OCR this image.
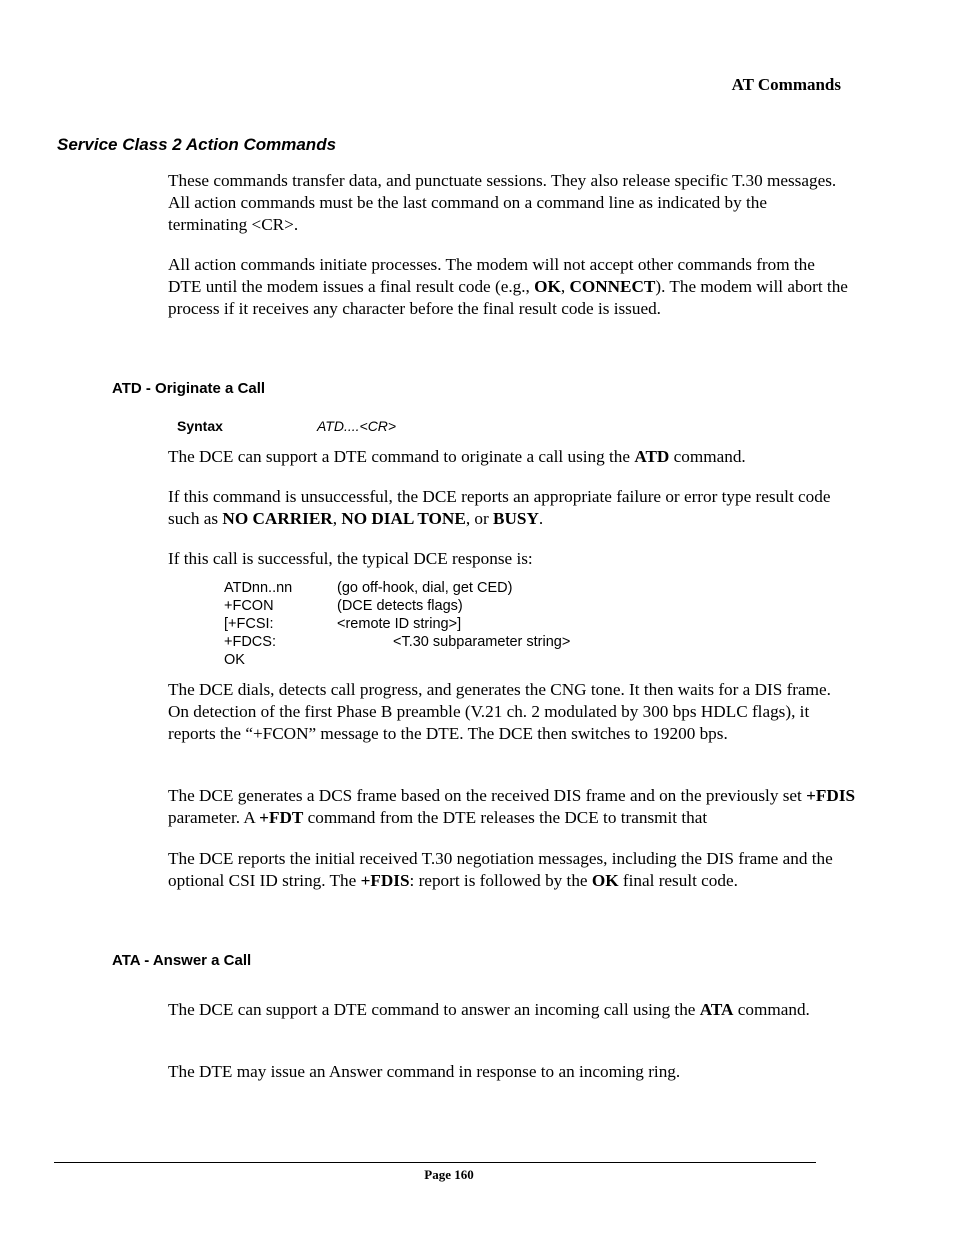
AT Commands
Service Class 2 Action Commands

These commands transfer data, and punctuate sessions. They also release specific T.30 messages. All action commands must be the last command on a command line as indicated by the terminating <CR>.

All action commands initiate processes. The modem will not accept other commands from the DTE until the modem issues a final result code (e.g., OK, CONNECT). The modem will abort the process if it receives any character before the final result code is issued.

ATD - Originate a Call
Syntax	ATD....<CR>

The DCE can support a DTE command to originate a call using the ATD command.

If this command is unsuccessful, the DCE reports an appropriate failure or error type result code such as NO CARRIER, NO DIAL TONE, or BUSY.

If this call is successful, the typical DCE response is:

ATDnn..nn	(go off-hook, dial, get CED)
+FCON	(DCE detects flags)
[+FCSI:	<remote ID string>]
+FDCS:	<T.30 subparameter string>
OK

The DCE dials, detects call progress, and generates the CNG tone. It then waits for a DIS frame. On detection of the first Phase B preamble (V.21 ch. 2 modulated by 300 bps HDLC flags), it reports the “+FCON” message to the DTE. The DCE then switches to 19200 bps.

The DCE generates a DCS frame based on the received DIS frame and on the previously set +FDIS parameter. A +FDT command from the DTE releases the DCE to transmit that

The DCE reports the initial received T.30 negotiation messages, including the DIS frame and the optional CSI ID string. The +FDIS: report is followed by the OK final result code.

ATA - Answer a Call

The DCE can support a DTE command to answer an incoming call using the ATA command.

The DTE may issue an Answer command in response to an incoming ring.

Page 160
